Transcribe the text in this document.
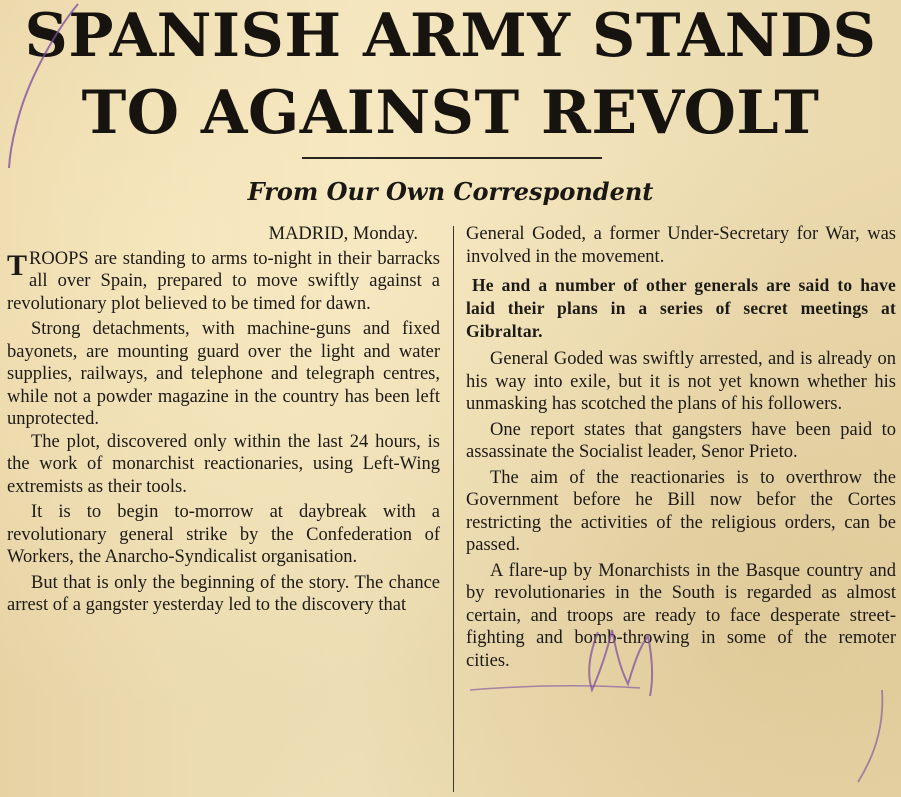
SPANISH ARMY STANDS
TO AGAINST REVOLT
From Our Own Correspondent

MADRID, Monday.

TROOPS are standing to arms to-night in their barracks all over Spain, prepared to move swiftly against a revolutionary plot believed to be timed for dawn.

Strong detachments, with machine-guns and fixed bayonets, are mounting guard over the light and water supplies, railways, and telephone and telegraph centres, while not a powder magazine in the country has been left unprotected.

The plot, discovered only within the last 24 hours, is the work of monarchist reactionaries, using Left-Wing extremists as their tools.

It is to begin to-morrow at daybreak with a revolutionary general strike by the Confederation of Workers, the Anarcho-Syndicalist organisation.

But that is only the beginning of the story. The chance arrest of a gangster yesterday led to the discovery that

General Goded, a former Under-Secretary for War, was involved in the movement.

He and a number of other generals are said to have laid their plans in a series of secret meetings at Gibraltar.

General Goded was swiftly arrested, and is already on his way into exile, but it is not yet known whether his unmasking has scotched the plans of his followers.

One report states that gangsters have been paid to assassinate the Socialist leader, Senor Prieto.

The aim of the reactionaries is to overthrow the Government before he Bill now befor the Cortes restricting the activities of the religious orders, can be passed.

A flare-up by Monarchists in the Basque country and by revolutionaries in the South is regarded as almost certain, and troops are ready to face desperate street-fighting and bomb-throwing in some of the remoter cities.
